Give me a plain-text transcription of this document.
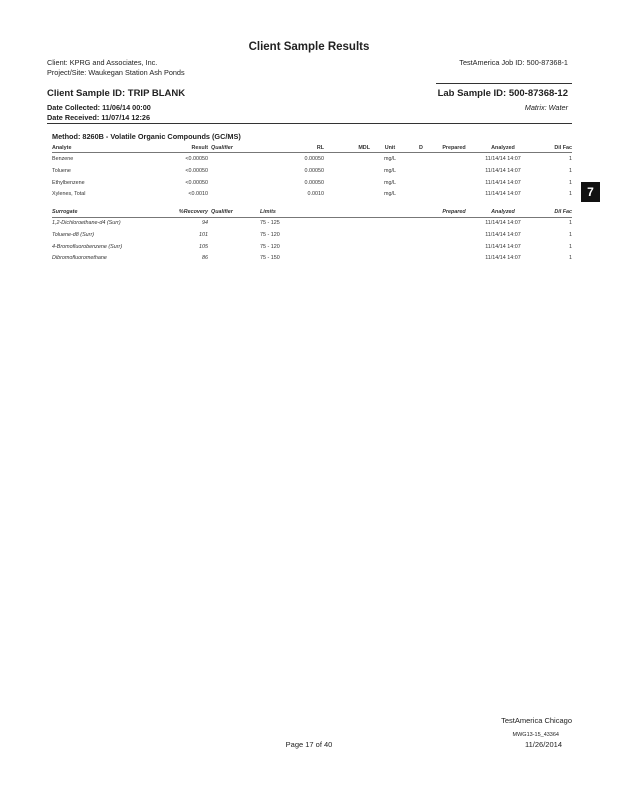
Client Sample Results
Client: KPRG and Associates, Inc.
Project/Site: Waukegan Station Ash Ponds
TestAmerica Job ID: 500-87368-1
Client Sample ID: TRIP BLANK	Lab Sample ID: 500-87368-12
Date Collected: 11/06/14 00:00
Date Received: 11/07/14 12:26
Matrix: Water
Method: 8260B - Volatile Organic Compounds (GC/MS)
Analyte	Result	Qualifier	RL	MDL	Unit	D	Prepared	Analyzed	Dil Fac
Benzene	<0.00050		0.00050		mg/L			11/14/14 14:07	1
Toluene	<0.00050		0.00050		mg/L			11/14/14 14:07	1
Ethylbenzene	<0.00050		0.00050		mg/L			11/14/14 14:07	1
Xylenes, Total	<0.0010		0.0010		mg/L			11/14/14 14:07	1
Surrogate	%Recovery	Qualifier	Limits		Prepared	Analyzed	Dil Fac
1,2-Dichloroethane-d4 (Surr)	94		75 - 125			11/14/14 14:07	1
Toluene-d8 (Surr)	101		75 - 120			11/14/14 14:07	1
4-Bromofluorobenzene (Surr)	105		75 - 120			11/14/14 14:07	1
Dibromofluoromethane	86		75 - 150			11/14/14 14:07	1
7
TestAmerica Chicago
Page 17 of 40
MWG13-15_43364
11/26/2014
